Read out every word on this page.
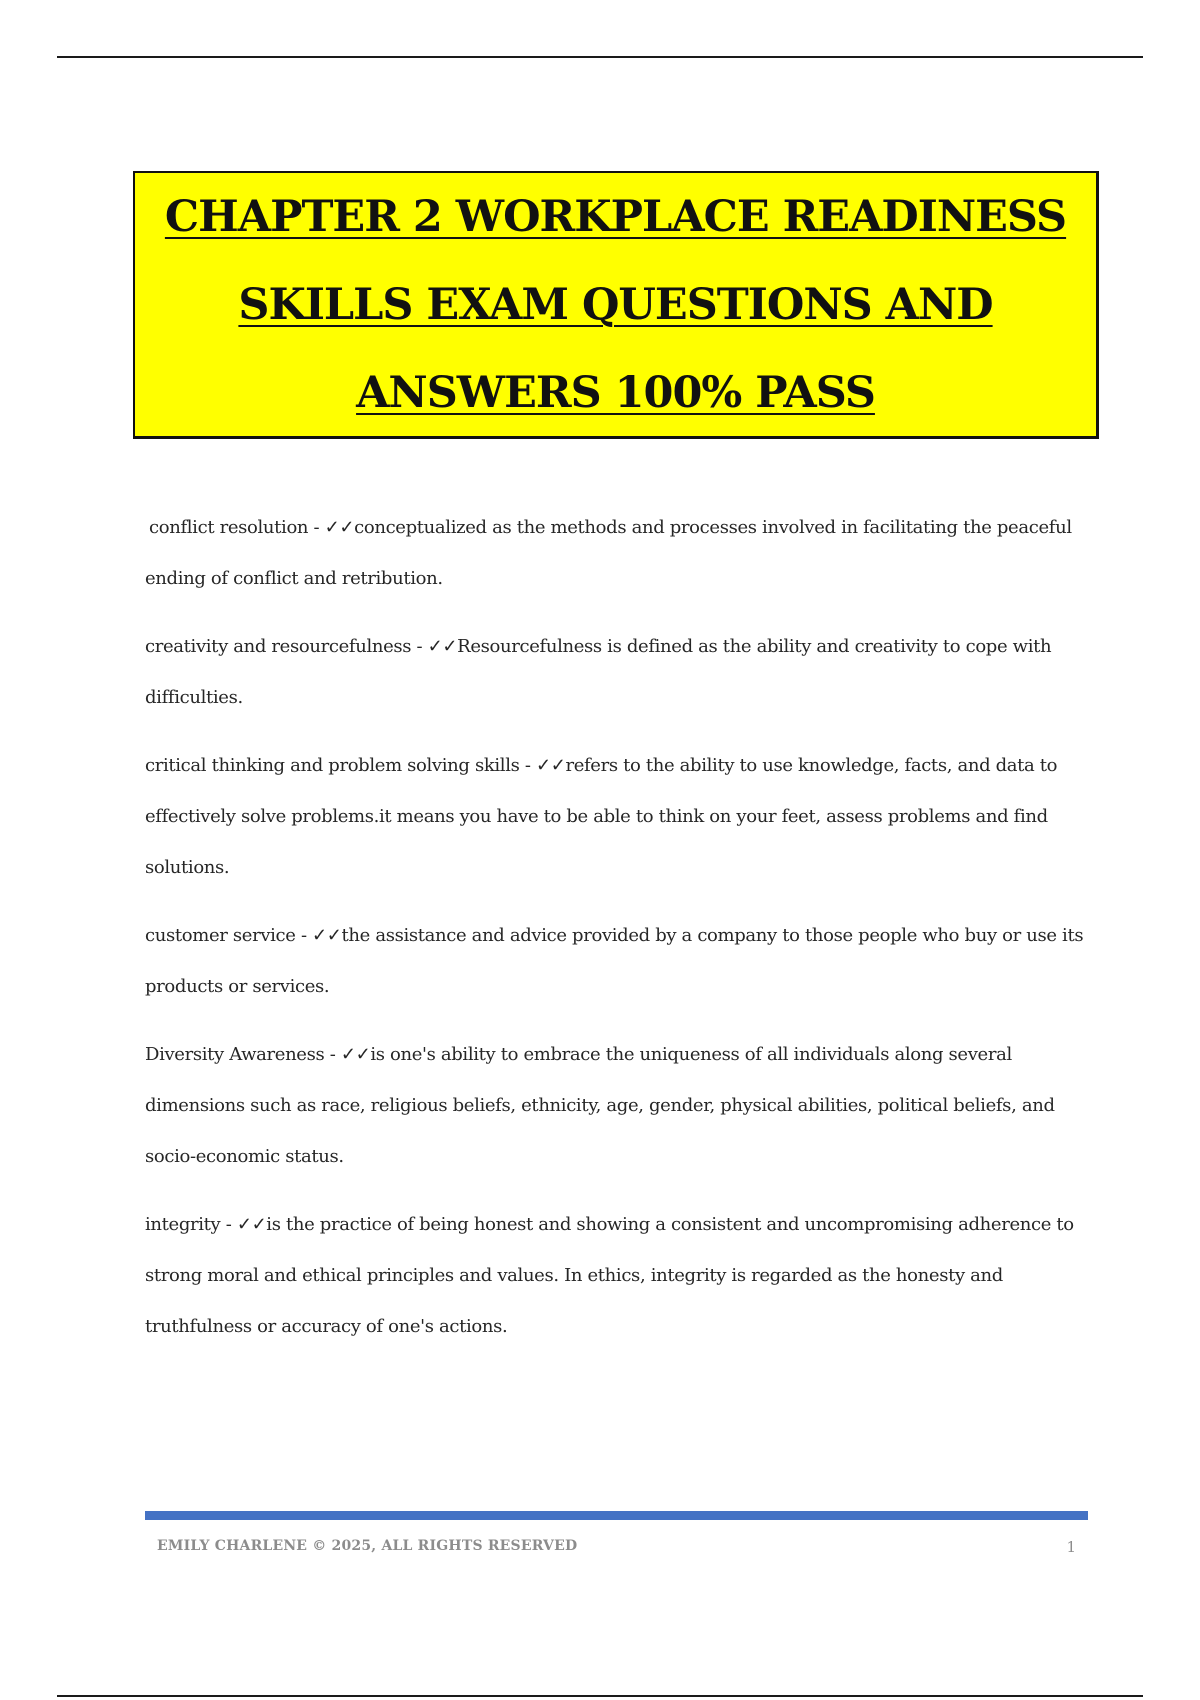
CHAPTER 2 WORKPLACE READINESS
SKILLS EXAM QUESTIONS AND
ANSWERS 100% PASS

conflict resolution - ✓✓conceptualized as the methods and processes involved in facilitating the peaceful ending of conflict and retribution.

creativity and resourcefulness - ✓✓Resourcefulness is defined as the ability and creativity to cope with difficulties.

critical thinking and problem solving skills - ✓✓refers to the ability to use knowledge, facts, and data to effectively solve problems.it means you have to be able to think on your feet, assess problems and find solutions.

customer service - ✓✓the assistance and advice provided by a company to those people who buy or use its products or services.

Diversity Awareness - ✓✓is one's ability to embrace the uniqueness of all individuals along several dimensions such as race, religious beliefs, ethnicity, age, gender, physical abilities, political beliefs, and socio-economic status.

integrity - ✓✓is the practice of being honest and showing a consistent and uncompromising adherence to strong moral and ethical principles and values. In ethics, integrity is regarded as the honesty and truthfulness or accuracy of one's actions.

EMILY CHARLENE © 2025, ALL RIGHTS RESERVED	1
